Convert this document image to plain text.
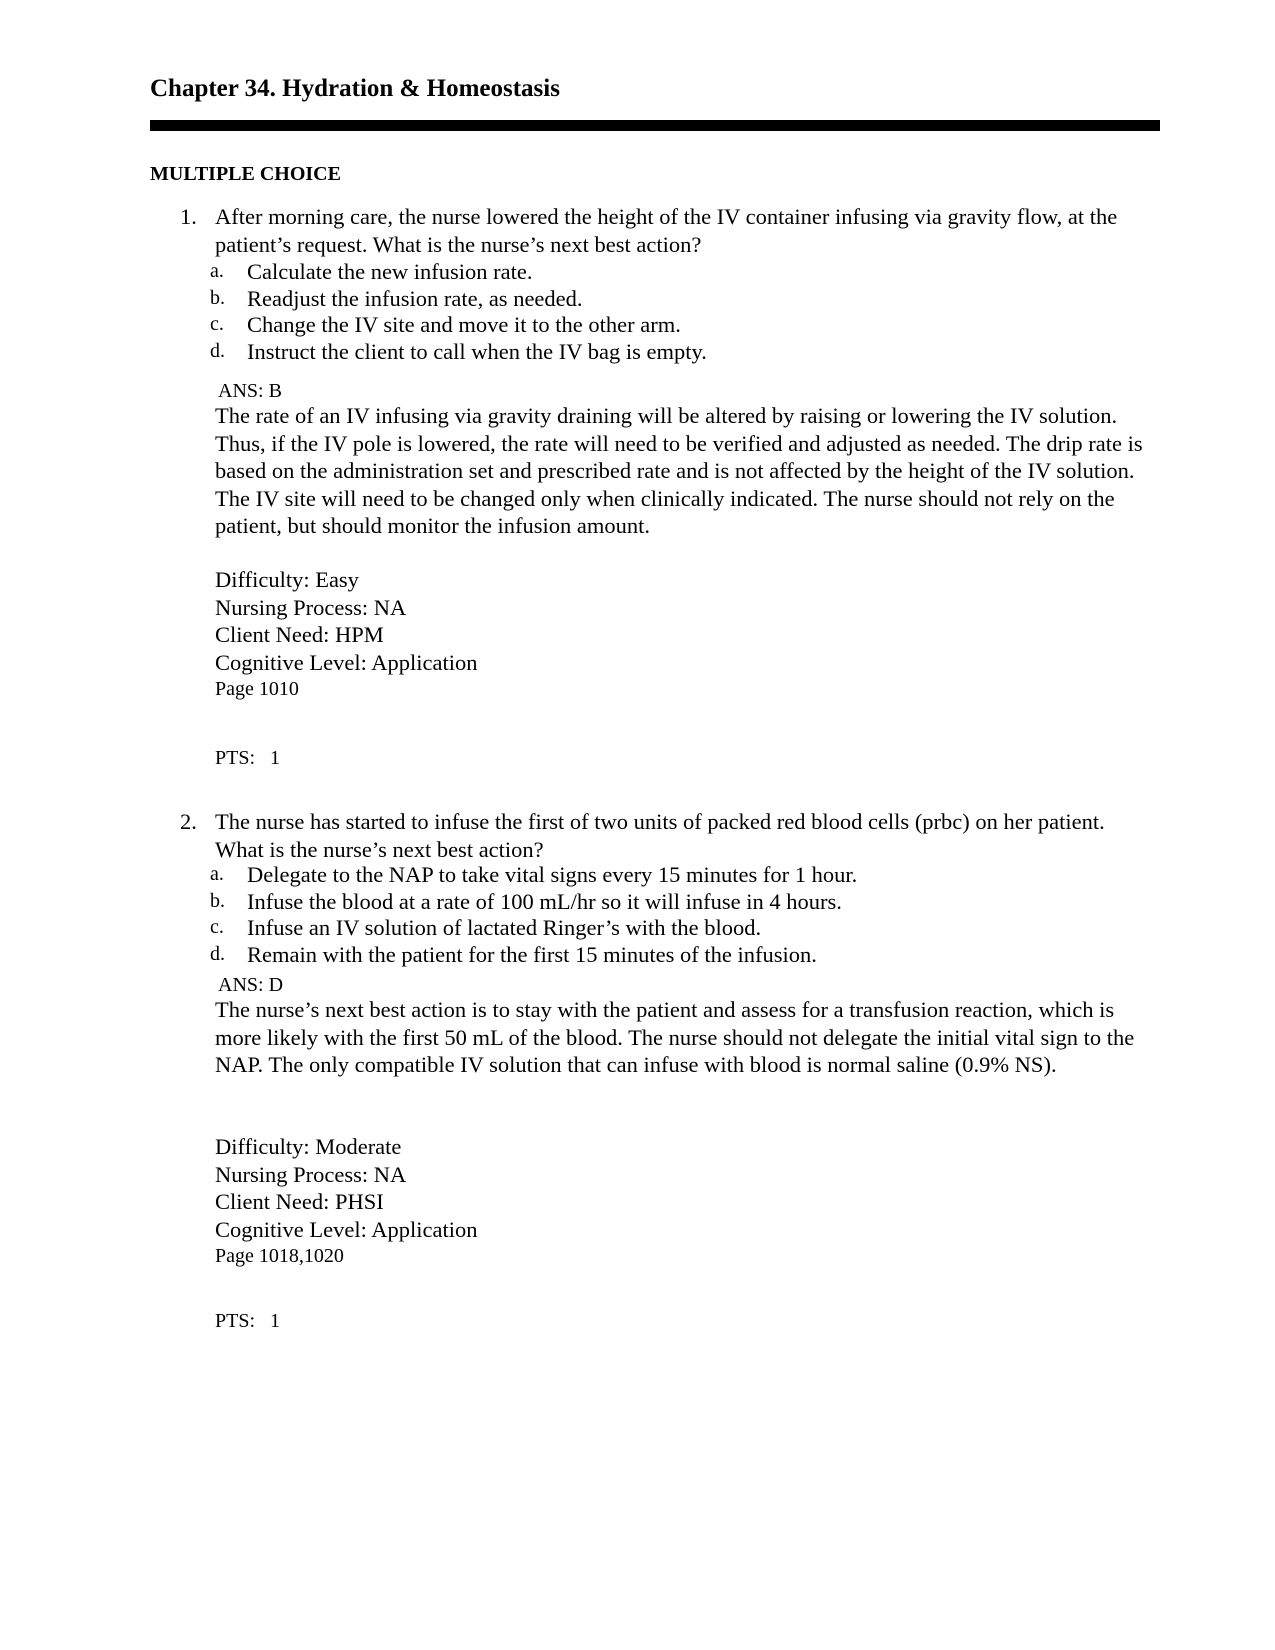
Chapter 34. Hydration & Homeostasis
MULTIPLE CHOICE
1. After morning care, the nurse lowered the height of the IV container infusing via gravity flow, at the patient’s request. What is the nurse’s next best action?
a. Calculate the new infusion rate.
b. Readjust the infusion rate, as needed.
c. Change the IV site and move it to the other arm.
d. Instruct the client to call when the IV bag is empty.
ANS: B
The rate of an IV infusing via gravity draining will be altered by raising or lowering the IV solution. Thus, if the IV pole is lowered, the rate will need to be verified and adjusted as needed. The drip rate is based on the administration set and prescribed rate and is not affected by the height of the IV solution. The IV site will need to be changed only when clinically indicated. The nurse should not rely on the patient, but should monitor the infusion amount.
Difficulty: Easy
Nursing Process: NA
Client Need: HPM
Cognitive Level: Application
Page 1010
PTS:   1
2. The nurse has started to infuse the first of two units of packed red blood cells (prbc) on her patient. What is the nurse’s next best action?
a. Delegate to the NAP to take vital signs every 15 minutes for 1 hour.
b. Infuse the blood at a rate of 100 mL/hr so it will infuse in 4 hours.
c. Infuse an IV solution of lactated Ringer’s with the blood.
d. Remain with the patient for the first 15 minutes of the infusion.
ANS: D
The nurse’s next best action is to stay with the patient and assess for a transfusion reaction, which is more likely with the first 50 mL of the blood. The nurse should not delegate the initial vital sign to the NAP. The only compatible IV solution that can infuse with blood is normal saline (0.9% NS).
Difficulty: Moderate
Nursing Process: NA
Client Need: PHSI
Cognitive Level: Application
Page 1018,1020
PTS:   1
